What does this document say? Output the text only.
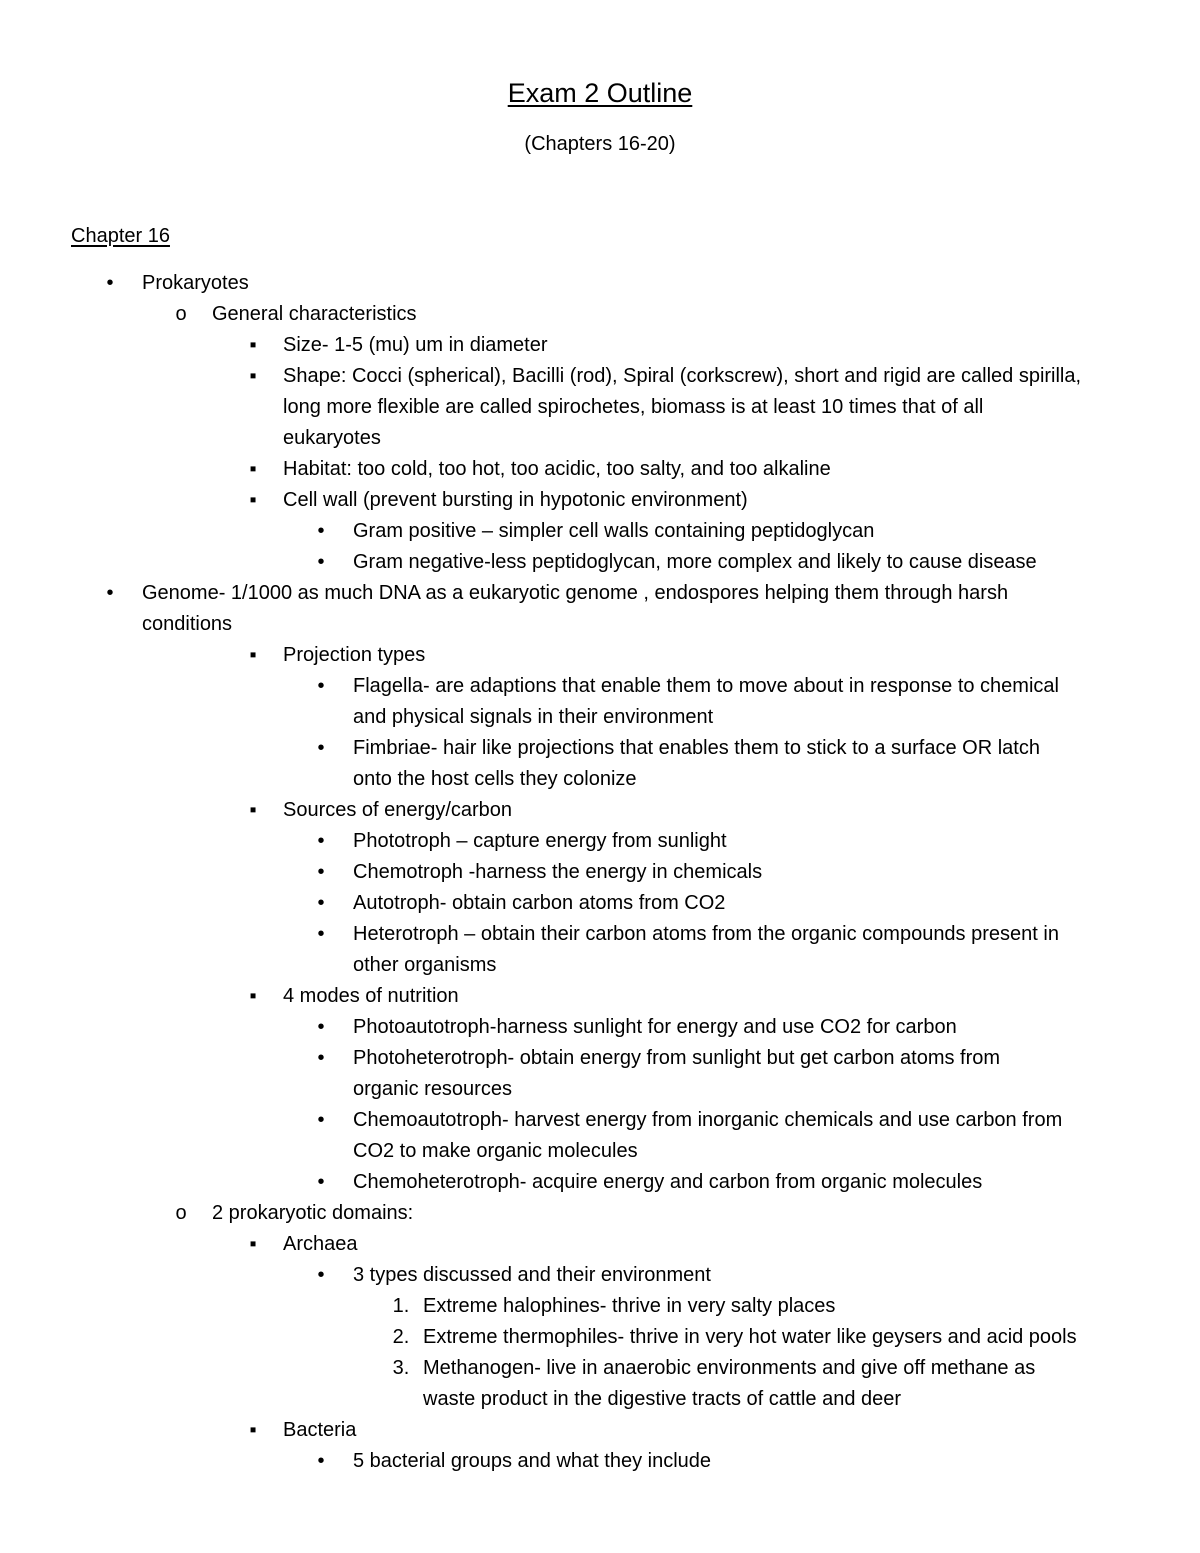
Exam 2 Outline
(Chapters 16-20)
Chapter 16
•	Prokaryotes
o General characteristics
▪	Size- 1-5 (mu) um in diameter
▪	Shape: Cocci (spherical), Bacilli (rod), Spiral (corkscrew), short and rigid are called spirilla,
long more flexible are called spirochetes, biomass is at least 10 times that of all
eukaryotes
▪	Habitat: too cold, too hot, too acidic, too salty, and too alkaline
▪	Cell wall (prevent bursting in hypotonic environment)
•	Gram positive – simpler cell walls containing peptidoglycan
•	Gram negative-less peptidoglycan, more complex and likely to cause disease
•	Genome- 1/1000 as much DNA as a eukaryotic genome , endospores helping them through harsh
conditions
▪	Projection types
•	Flagella- are adaptions that enable them to move about in response to chemical
and physical signals in their environment
•	Fimbriae- hair like projections that enables them to stick to a surface OR latch
onto the host cells they colonize
▪	Sources of energy/carbon
•	Phototroph – capture energy from sunlight
•	Chemotroph -harness the energy in chemicals
•	Autotroph- obtain carbon atoms from CO2
•	Heterotroph – obtain their carbon atoms from the organic compounds present in
other organisms
▪	4 modes of nutrition
•	Photoautotroph-harness sunlight for energy and use CO2 for carbon
•	Photoheterotroph- obtain energy from sunlight but get carbon atoms from
organic resources
•	Chemoautotroph- harvest energy from inorganic chemicals and use carbon from
CO2 to make organic molecules
•	Chemoheterotroph- acquire energy and carbon from organic molecules
o 2 prokaryotic domains:
▪	Archaea
•	3 types discussed and their environment
1. Extreme halophines- thrive in very salty places
2. Extreme thermophiles- thrive in very hot water like geysers and acid pools
3. Methanogen- live in anaerobic environments and give off methane as
waste product in the digestive tracts of cattle and deer
▪	Bacteria
•	5 bacterial groups and what they include
